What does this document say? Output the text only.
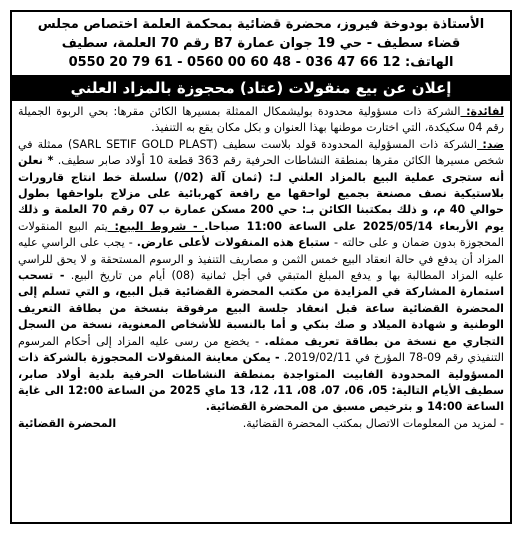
الأستاذة بودوخة فيروز، محضرة قضائية بمحكمة العلمة اختصاص مجلس
قضاء سطيف - حي 19 جوان عمارة B7 رقم 70 العلمة، سطيف
الهاتف: 0550 20 79 61 - 0560 00 60 48 - 036 47 66 12
إعلان عن بيع منقولات (عتاد) محجوزة بالمزاد العلني

لفائدة: الشركة ذات مسؤولية محدودة بوليشمكال الممثلة بمسيرها الكائن مقرها: بحي الربوة الجميلة رقم 04 سكيكدة، التي اختارت موطنها بهذا العنوان و بكل مكان يقع به التنفيذ.

ضد: الشركة ذات المسؤولية المحدودة قولد بلاست سطيف (SARL SETIF GOLD PLAST) ممثلة في شخص مسيرها الكائن مقرها بمنطقة النشاطات الحرفية رقم 363 قطعة 10 أولاد صابر سطيف. * نعلن أنه ستجرى عملية البيع بالمزاد العلني لـ: (ثمان آلة (02/) سلسلة خط انتاج قارورات بلاستيكية نصف مصنعة بجميع لواحقها مع رافعة كهربائية على مزلاج بلواحقها بطول حوالي 40 م، و ذلك بمكتبنا الكائن بـ: حي 200 مسكن عمارة ب 07 رقم 70 العلمة و ذلك يوم الأربعاء 2025/05/14 على الساعة 11:00 صباحا. - شروط البيع: يتم البيع المنقولات المحجوزة بدون ضمان و على حالته - ستباع هذه المنقولات لأعلى عارض. - يجب على الراسي عليه المزاد أن يدفع في حالة انعقاد البيع خمس الثمن و مصاريف التنفيذ و الرسوم المستحقة و لا يحق للراسي عليه المزاد المطالبة بها و يدفع المبلغ المتبقي في أجل ثمانية (08) أيام من تاريخ البيع. - تسحب استمارة المشاركة في المزايدة من مكتب المحضرة القضائية قبل البيع، و التي تسلم إلى المحضرة القضائية ساعة قبل انعقاد جلسة البيع مرفوقة بنسخة من بطاقة التعريف الوطنية و شهادة الميلاد و صك بنكي و أما بالنسبة للأشخاص المعنوية، نسخة من السجل التجاري مع نسخة من بطاقة تعريف ممثله. - يخضع من رسى عليه المزاد إلى أحكام المرسوم التنفيذي رقم 09-78 المؤرخ في 2019/02/11. - يمكن معاينة المنقولات المحجوزة بالشركة ذات المسؤولية المحدودة الفابيت المتواجدة بمنطقة النشاطات الحرفية بلدية أولاد صابر، سطيف الأيام التالية: 05، 06، 07، 08، 11، 12، 13 ماي 2025 من الساعة 12:00 الى غاية الساعة 14:00 و بترخيص مسبق من المحضرة القضائية.

- لمزيد من المعلومات الاتصال بمكتب المحضرة القضائية.
المحضرة القضائية
